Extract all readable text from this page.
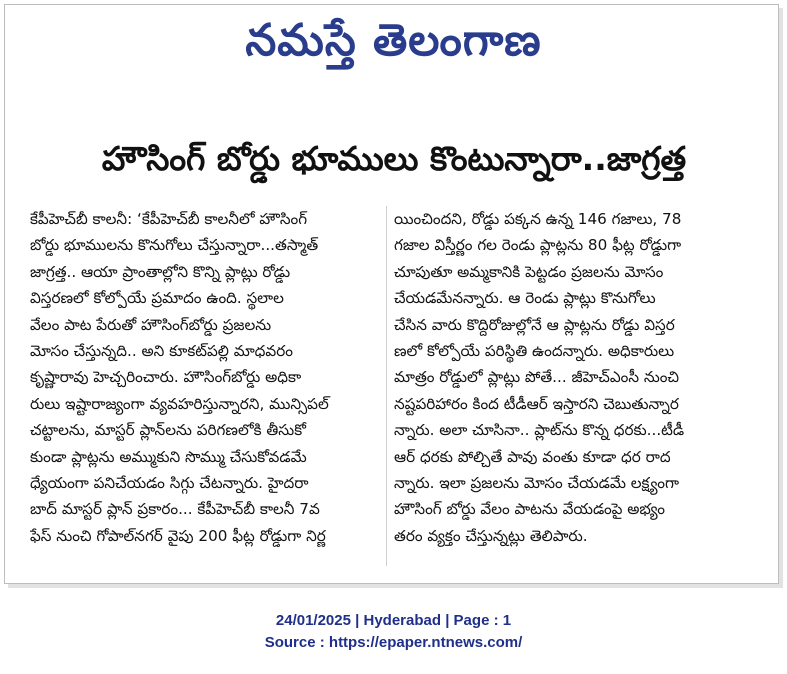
నమస్తే తెలంగాణ
హౌసింగ్ బోర్డు భూములు కొంటున్నారా..జాగ్రత్త
కేపీహెచ్‌బీ కాలనీ: ‘కేపీహెచ్‌బీ కాలనీలో హౌసింగ్
బోర్డు భూములను కొనుగోలు చేస్తున్నారా...తస్మాత్
జాగ్రత్త.. ఆయా ప్రాంతాల్లోని కొన్ని ప్లాట్లు రోడ్డు
విస్తరణలో కోల్పోయే ప్రమాదం ఉంది. స్థలాల
వేలం పాట పేరుతో హౌసింగ్‌బోర్డు ప్రజలను
మోసం చేస్తున్నది.. అని కూకట్‌పల్లి మాధవరం
కృష్ణారావు హెచ్చరించారు. హౌసింగ్‌బోర్డు అధికా
రులు ఇష్టారాజ్యంగా వ్యవహరిస్తున్నారని, మున్సిపల్
చట్టాలను, మాస్టర్ ప్లాన్‌లను పరిగణలోకి తీసుకో
కుండా ప్లాట్లను అమ్ముకుని సొమ్ము చేసుకోవడమే
ధ్యేయంగా పనిచేయడం సిగ్గు చేటన్నారు. హైదరా
బాద్ మాస్టర్ ప్లాన్ ప్రకారం... కేపీహెచ్‌బీ కాలనీ 7వ
ఫేస్ నుంచి గోపాల్‌నగర్ వైపు 200 ఫీట్ల రోడ్డుగా నిర్ణ
యించిందని, రోడ్డు పక్కన ఉన్న 146 గజాలు, 78
గజాల విస్తీర్ణం గల రెండు ప్లాట్లను 80 ఫీట్ల రోడ్డుగా
చూపుతూ అమ్మకానికి పెట్టడం ప్రజలను మోసం
చేయడమేనన్నారు. ఆ రెండు ప్లాట్లు కొనుగోలు
చేసిన వారు కొద్దిరోజుల్లోనే ఆ ప్లాట్లను రోడ్డు విస్తర
ణలో కోల్పోయే పరిస్థితి ఉందన్నారు. అధికారులు
మాత్రం రోడ్డులో ప్లాట్లు పోతే... జీహెచ్‌ఎంసీ నుంచి
నష్టపరిహారం కింద టీడీఆర్ ఇస్తారని చెబుతున్నార
న్నారు. అలా చూసినా.. ప్లాట్‌ను కొన్న ధరకు...టీడీ
ఆర్ ధరకు పోల్చితే పావు వంతు కూడా ధర రాద
న్నారు. ఇలా ప్రజలను మోసం చేయడమే లక్ష్యంగా
హౌసింగ్ బోర్డు వేలం పాటను వేయడంపై అభ్యం
తరం వ్యక్తం చేస్తున్నట్లు తెలిపారు.
24/01/2025 | Hyderabad | Page : 1
Source : https://epaper.ntnews.com/
